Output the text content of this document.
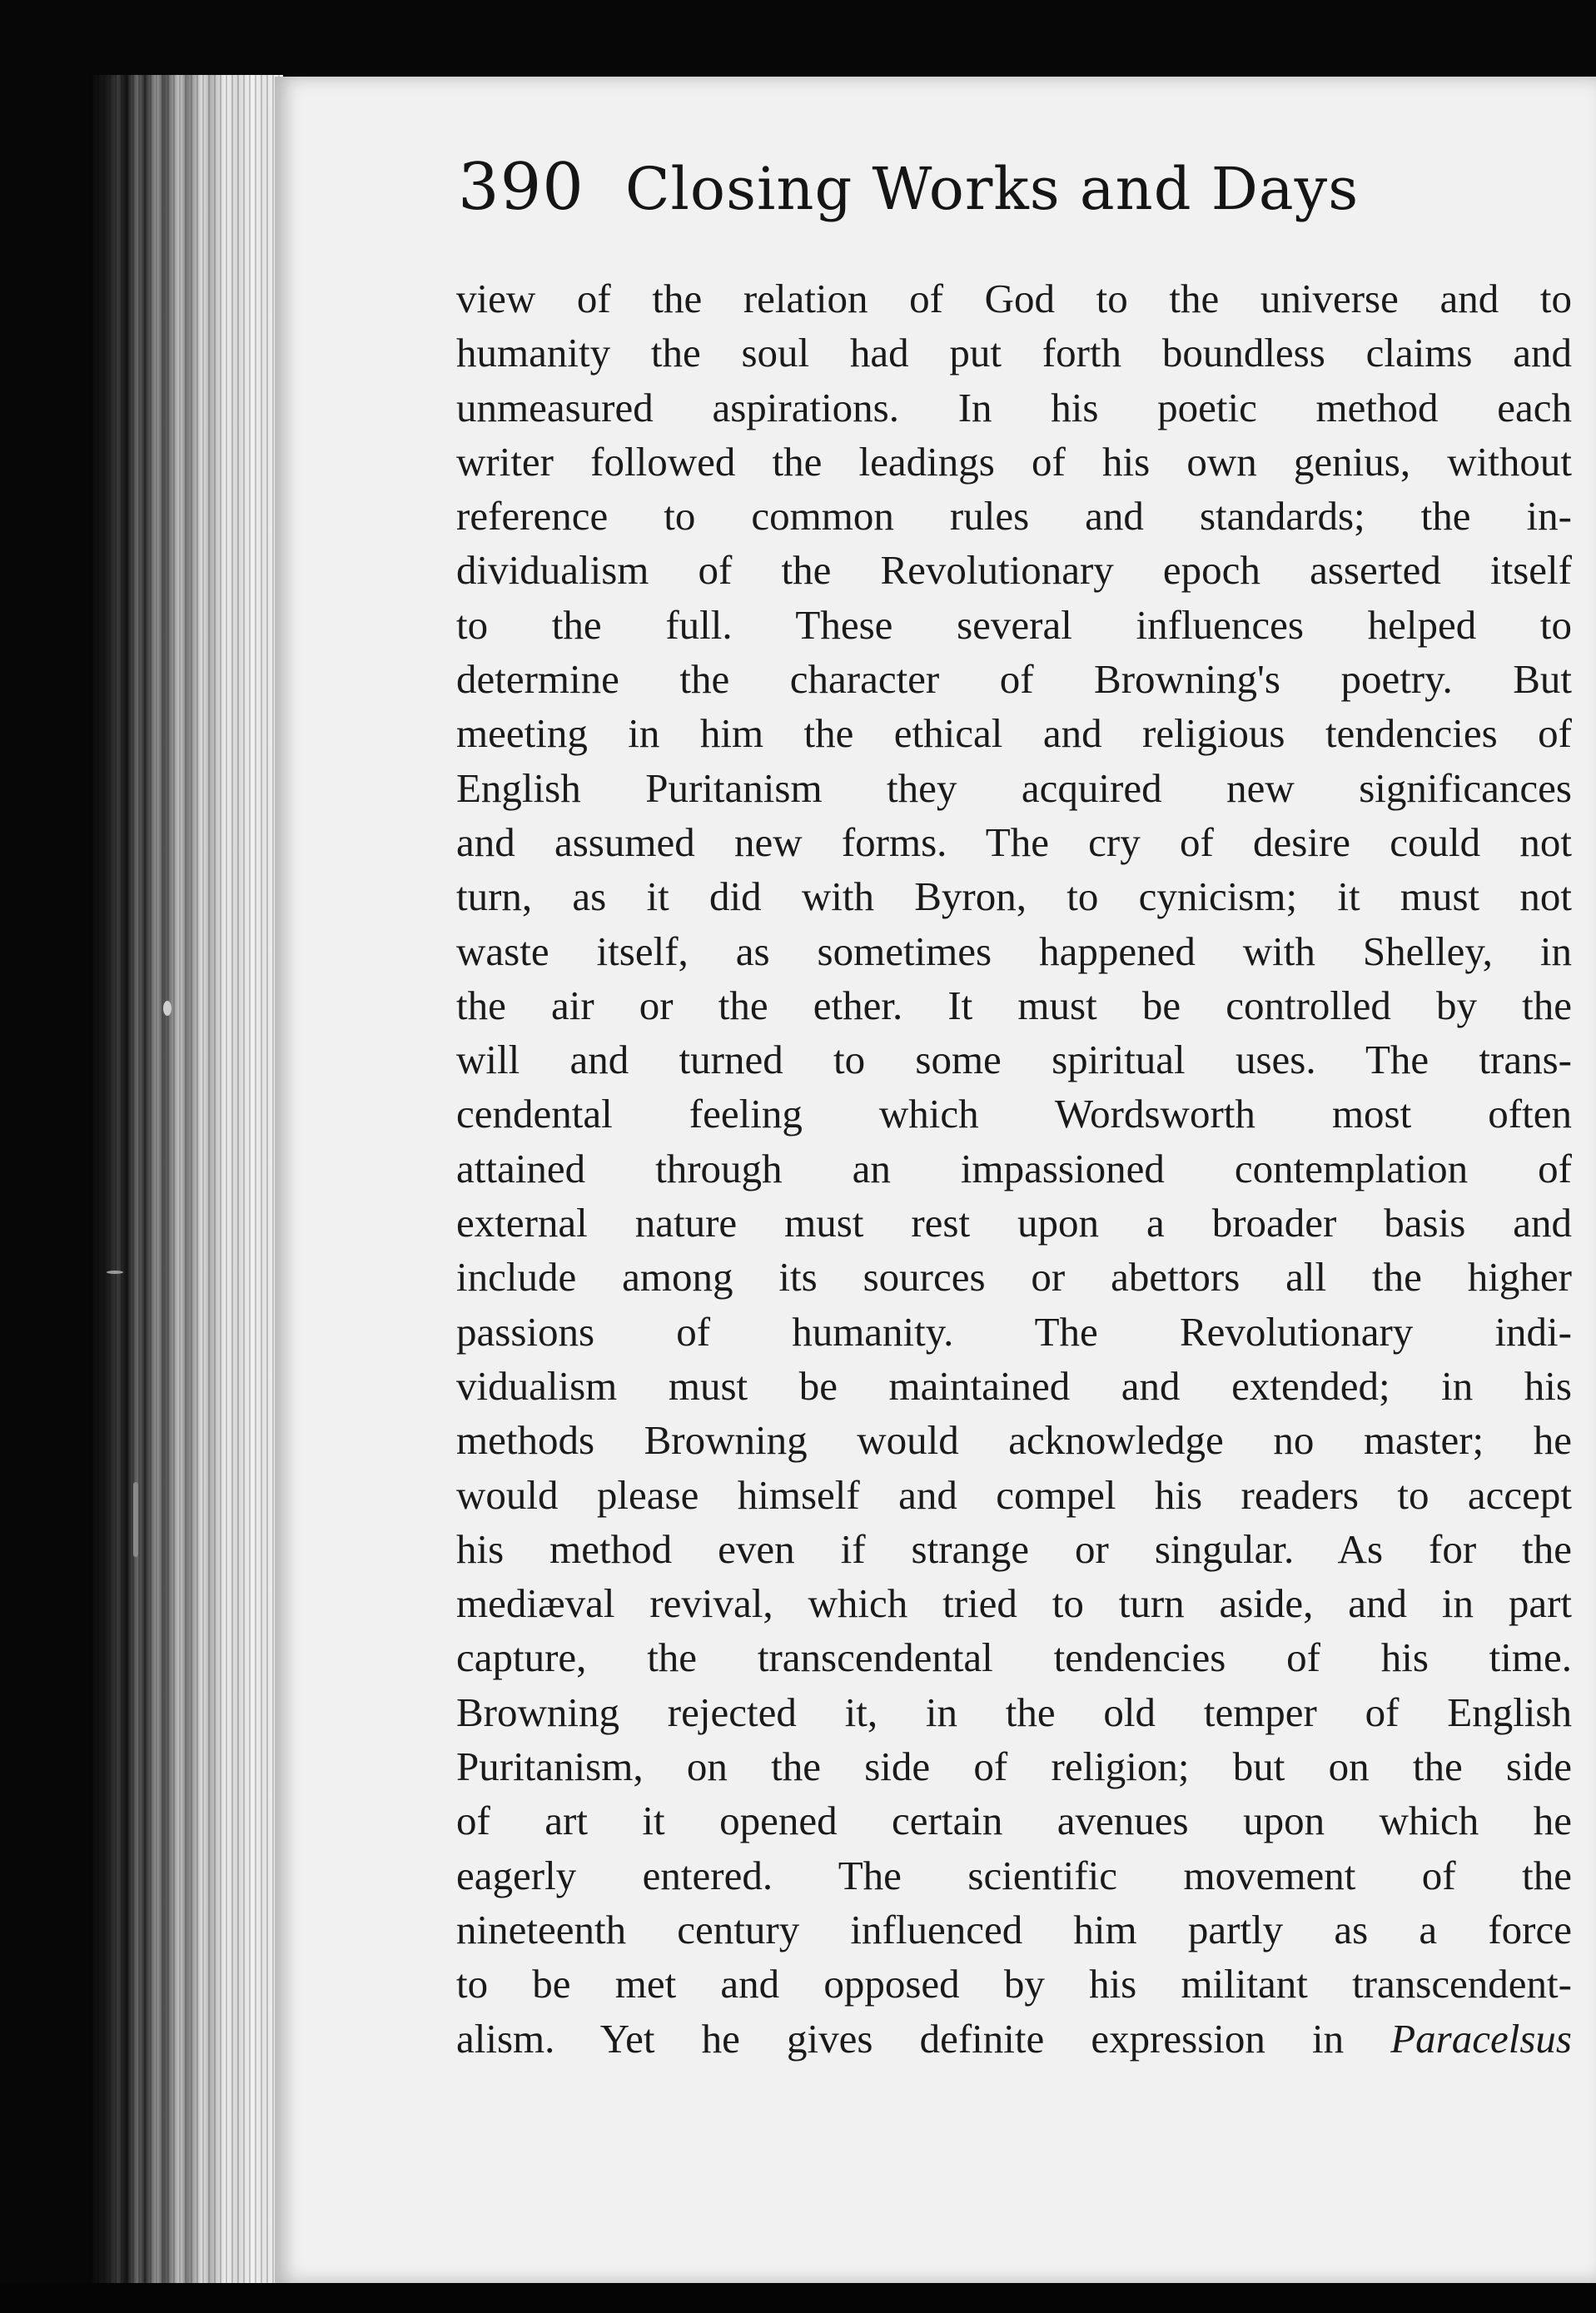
390 Closing Works and Days
view of the relation of God to the universe and to
humanity the soul had put forth boundless claims and
unmeasured aspirations. In his poetic method each
writer followed the leadings of his own genius, without
reference to common rules and standards; the in-
dividualism of the Revolutionary epoch asserted itself
to the full. These several influences helped to
determine the character of Browning's poetry. But
meeting in him the ethical and religious tendencies of
English Puritanism they acquired new significances
and assumed new forms. The cry of desire could not
turn, as it did with Byron, to cynicism; it must not
waste itself, as sometimes happened with Shelley, in
the air or the ether. It must be controlled by the
will and turned to some spiritual uses. The trans-
cendental feeling which Wordsworth most often
attained through an impassioned contemplation of
external nature must rest upon a broader basis and
include among its sources or abettors all the higher
passions of humanity. The Revolutionary indi-
vidualism must be maintained and extended; in his
methods Browning would acknowledge no master; he
would please himself and compel his readers to accept
his method even if strange or singular. As for the
mediæval revival, which tried to turn aside, and in part
capture, the transcendental tendencies of his time.
Browning rejected it, in the old temper of English
Puritanism, on the side of religion; but on the side
of art it opened certain avenues upon which he
eagerly entered. The scientific movement of the
nineteenth century influenced him partly as a force
to be met and opposed by his militant transcendent-
alism. Yet he gives definite expression in Paracelsus
